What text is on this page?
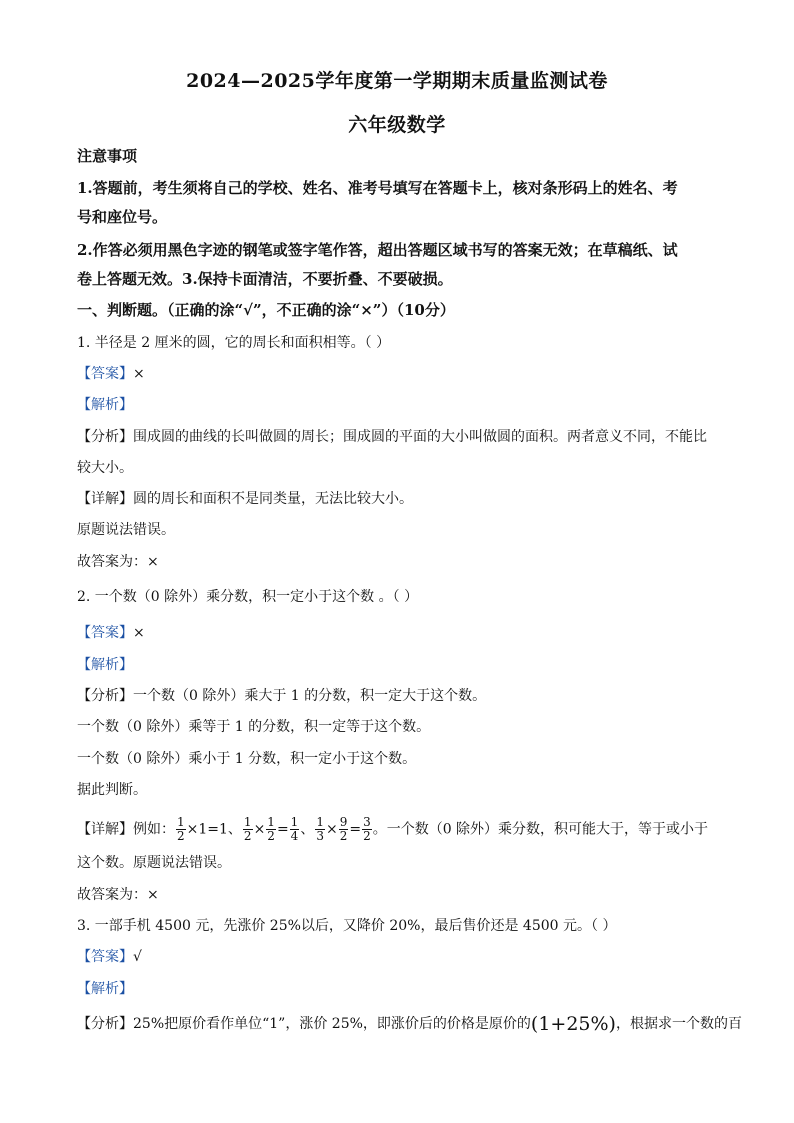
2024—2025学年度第一学期期末质量监测试卷
六年级数学
注意事项
1.答题前，考生须将自己的学校、姓名、准考号填写在答题卡上，核对条形码上的姓名、考
号和座位号。
2.作答必须用黑色字迹的钢笔或签字笔作答，超出答题区域书写的答案无效；在草稿纸、试
卷上答题无效。3.保持卡面清洁，不要折叠、不要破损。
一、判断题。（正确的涂“√”，不正确的涂“×”）（10分）
1. 半径是 2 厘米的圆，它的周长和面积相等。（ ）
【答案】×
【解析】
【分析】围成圆的曲线的长叫做圆的周长；围成圆的平面的大小叫做圆的面积。两者意义不同，不能比
较大小。
【详解】圆的周长和面积不是同类量，无法比较大小。
原题说法错误。
故答案为：×
2. 一个数（0 除外）乘分数，积一定小于这个数 。（ ）
【答案】×
【解析】
【分析】一个数（0 除外）乘大于 1 的分数，积一定大于这个数。
一个数（0 除外）乘等于 1 的分数，积一定等于这个数。
一个数（0 除外）乘小于 1 分数，积一定小于这个数。
据此判断。
【详解】例如： $\frac{1}{2} \times 1=1$、 $\frac{1}{2} \times \frac{1}{2} = \frac{1}{4}$ 、 $\frac{1}{3} \times \frac{9}{2} = \frac{3}{2}$ 。一个数（0 除外）乘分数，积可能大于，等于或小于
这个数。原题说法错误。
故答案为：×
3. 一部手机 4500 元，先涨价 25%以后，又降价 20%，最后售价还是 4500 元。（ ）
【答案】√
【解析】
【分析】25%把原价看作单位“1”，涨价 25%，即涨价后的价格是原价的(1+25%)，根据求一个数的百
